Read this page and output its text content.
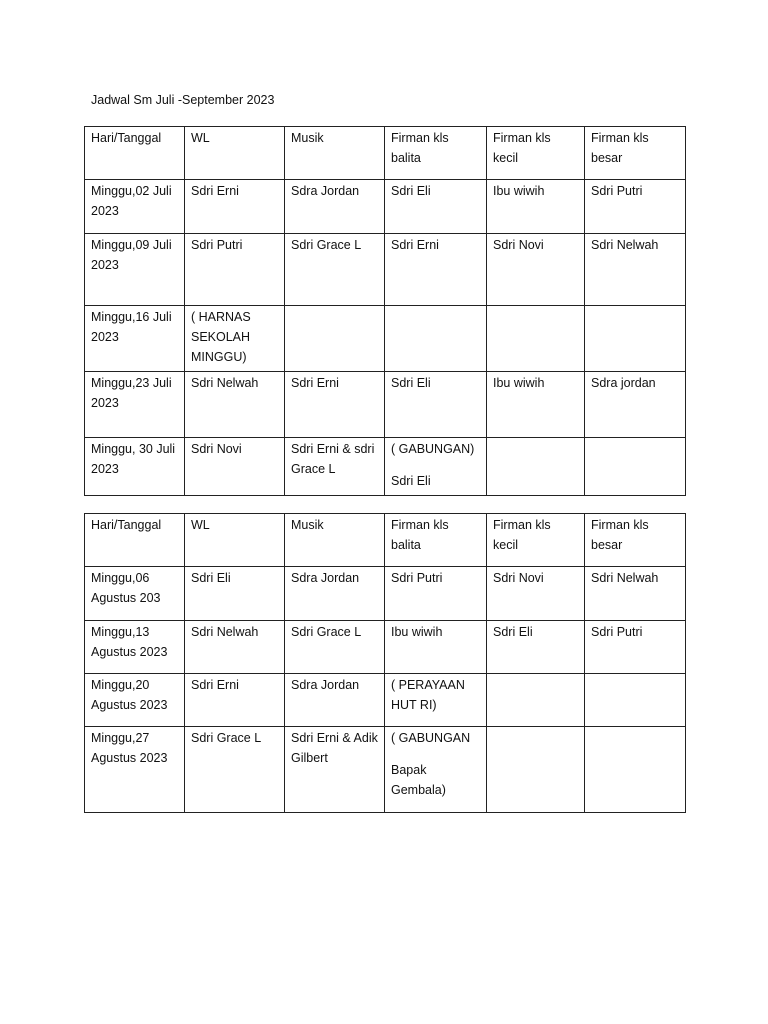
Jadwal Sm Juli -September 2023
Hari/Tanggal	WL	Musik	Firman kls balita	Firman kls kecil	Firman kls besar
Minggu,02 Juli 2023	Sdri Erni	Sdra Jordan	Sdri Eli	Ibu wiwih	Sdri Putri
Minggu,09 Juli 2023	Sdri Putri	Sdri Grace L	Sdri Erni	Sdri Novi	Sdri Nelwah
Minggu,16 Juli 2023	( HARNAS SEKOLAH MINGGU)				
Minggu,23 Juli 2023	Sdri Nelwah	Sdri Erni	Sdri Eli	Ibu wiwih	Sdra jordan
Minggu, 30 Juli 2023	Sdri Novi	Sdri Erni & sdri Grace L	( GABUNGAN)
Sdri Eli		
Hari/Tanggal	WL	Musik	Firman kls balita	Firman kls kecil	Firman kls besar
Minggu,06 Agustus 203	Sdri Eli	Sdra Jordan	Sdri Putri	Sdri Novi	Sdri Nelwah
Minggu,13 Agustus 2023	Sdri Nelwah	Sdri Grace L	Ibu wiwih	Sdri Eli	Sdri Putri
Minggu,20 Agustus 2023	Sdri Erni	Sdra Jordan	( PERAYAAN HUT RI)		
Minggu,27 Agustus 2023	Sdri Grace L	Sdri Erni & Adik Gilbert	( GABUNGAN
Bapak Gembala)		
